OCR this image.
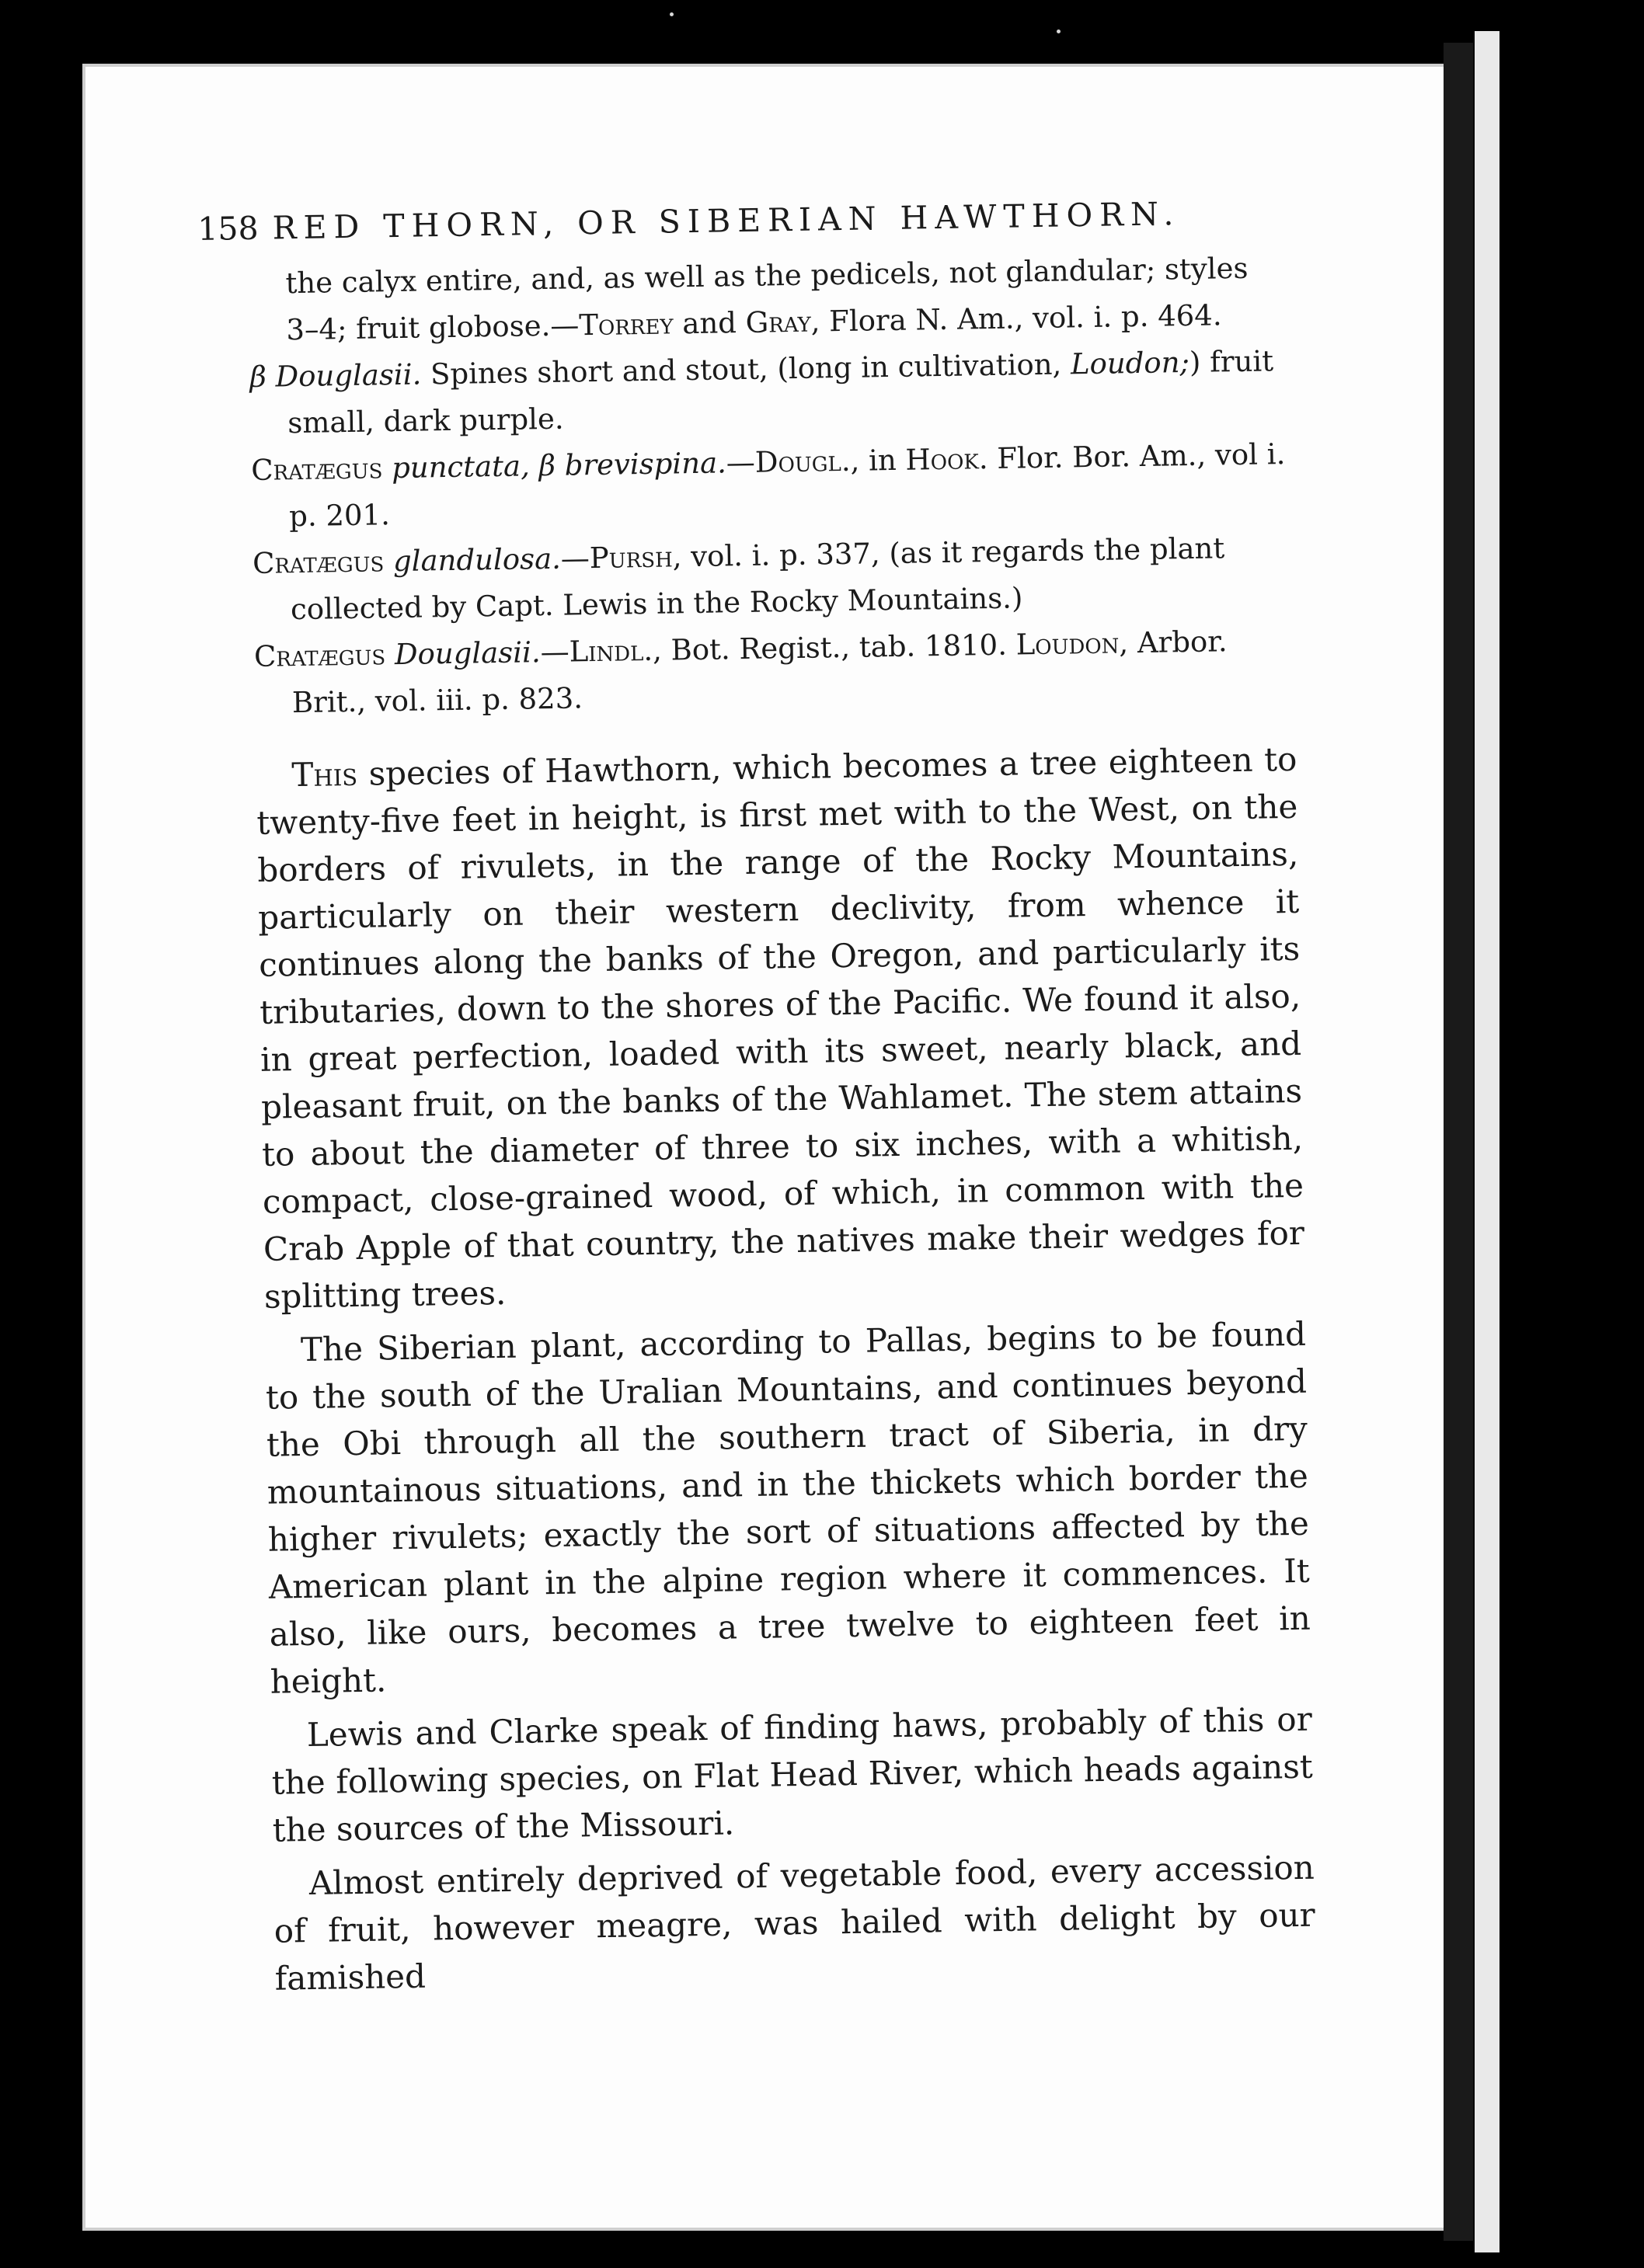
158 RED THORN, OR SIBERIAN HAWTHORN.

the calyx entire, and, as well as the pedicels, not glandular; styles 3–4; fruit globose.—Torrey and Gray, Flora N. Am., vol. i. p. 464.

β Douglasii. Spines short and stout, (long in cultivation, Loudon;) fruit small, dark purple.

Cratægus punctata, β brevispina.—Dougl., in Hook. Flor. Bor. Am., vol i. p. 201.

Cratægus glandulosa.—Pursh, vol. i. p. 337, (as it regards the plant collected by Capt. Lewis in the Rocky Mountains.)

Cratægus Douglasii.—Lindl., Bot. Regist., tab. 1810. Loudon, Arbor. Brit., vol. iii. p. 823.

This species of Hawthorn, which becomes a tree eighteen to twenty-five feet in height, is first met with to the West, on the borders of rivulets, in the range of the Rocky Mountains, particularly on their western declivity, from whence it continues along the banks of the Oregon, and particularly its tributaries, down to the shores of the Pacific. We found it also, in great perfection, loaded with its sweet, nearly black, and pleasant fruit, on the banks of the Wahlamet. The stem attains to about the diameter of three to six inches, with a whitish, compact, close-grained wood, of which, in common with the Crab Apple of that country, the natives make their wedges for splitting trees.

The Siberian plant, according to Pallas, begins to be found to the south of the Uralian Mountains, and continues beyond the Obi through all the southern tract of Siberia, in dry mountainous situations, and in the thickets which border the higher rivulets; exactly the sort of situations affected by the American plant in the alpine region where it commences. It also, like ours, becomes a tree twelve to eighteen feet in height.

Lewis and Clarke speak of finding haws, probably of this or the following species, on Flat Head River, which heads against the sources of the Missouri.

Almost entirely deprived of vegetable food, every accession of fruit, however meagre, was hailed with delight by our famished
